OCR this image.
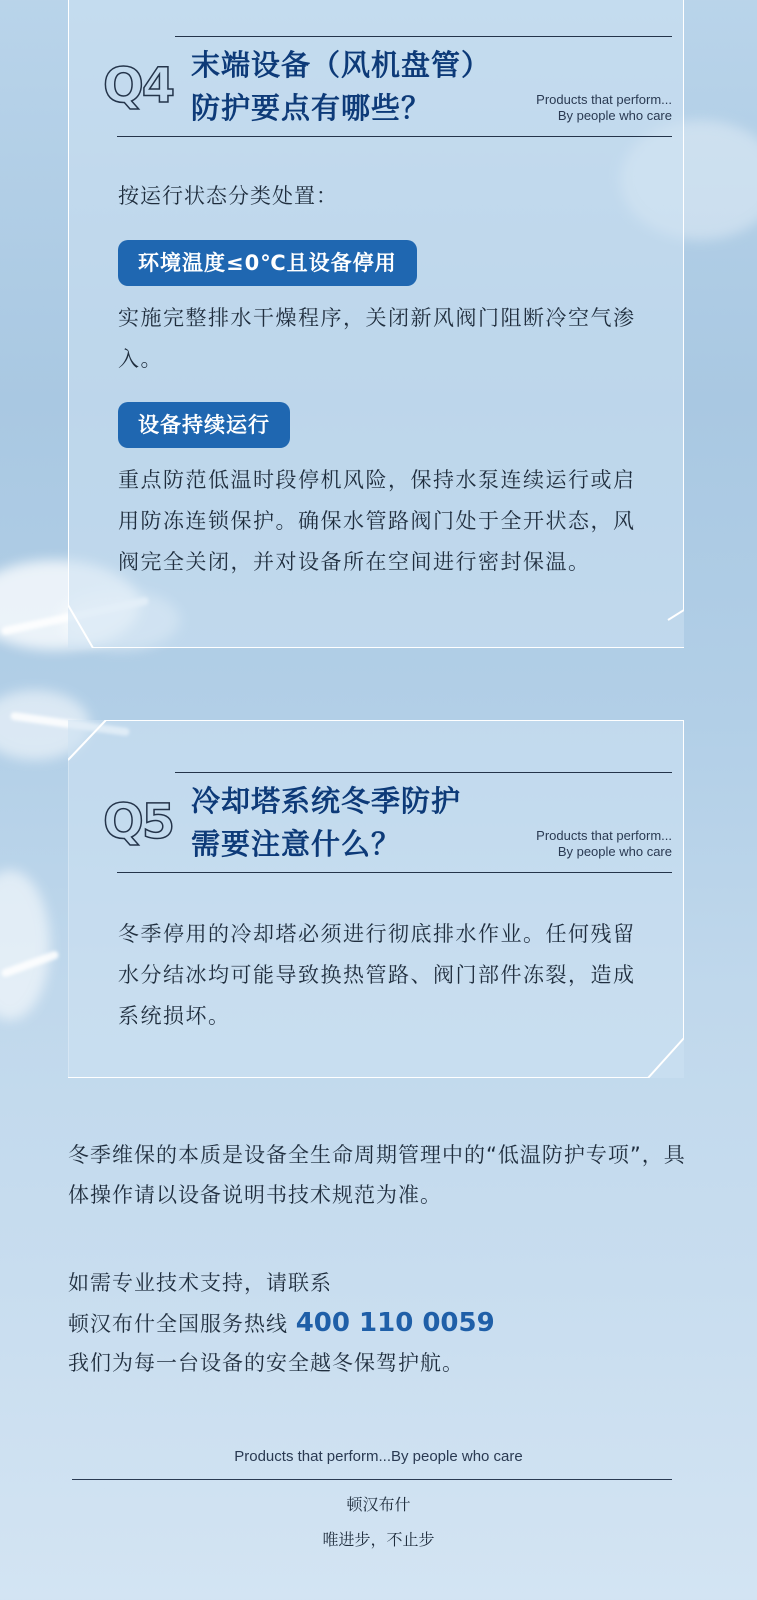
Q4 末端设备（风机盘管）
防护要点有哪些？	Products that perform...
By people who care
按运行状态分类处置：
环境温度≤0℃且设备停用
实施完整排水干燥程序，关闭新风阀门阻断冷空气渗入。
设备持续运行
重点防范低温时段停机风险，保持水泵连续运行或启用防冻连锁保护。确保水管路阀门处于全开状态，风阀完全关闭，并对设备所在空间进行密封保温。
Q5 冷却塔系统冬季防护
需要注意什么？	Products that perform...
By people who care
冬季停用的冷却塔必须进行彻底排水作业。任何残留水分结冰均可能导致换热管路、阀门部件冻裂，造成系统损坏。
冬季维保的本质是设备全生命周期管理中的“低温防护专项”，具体操作请以设备说明书技术规范为准。
如需专业技术支持，请联系
顿汉布什全国服务热线 400 110 0059
我们为每一台设备的安全越冬保驾护航。
Products that perform...By people who care
顿汉布什
唯进步，不止步
